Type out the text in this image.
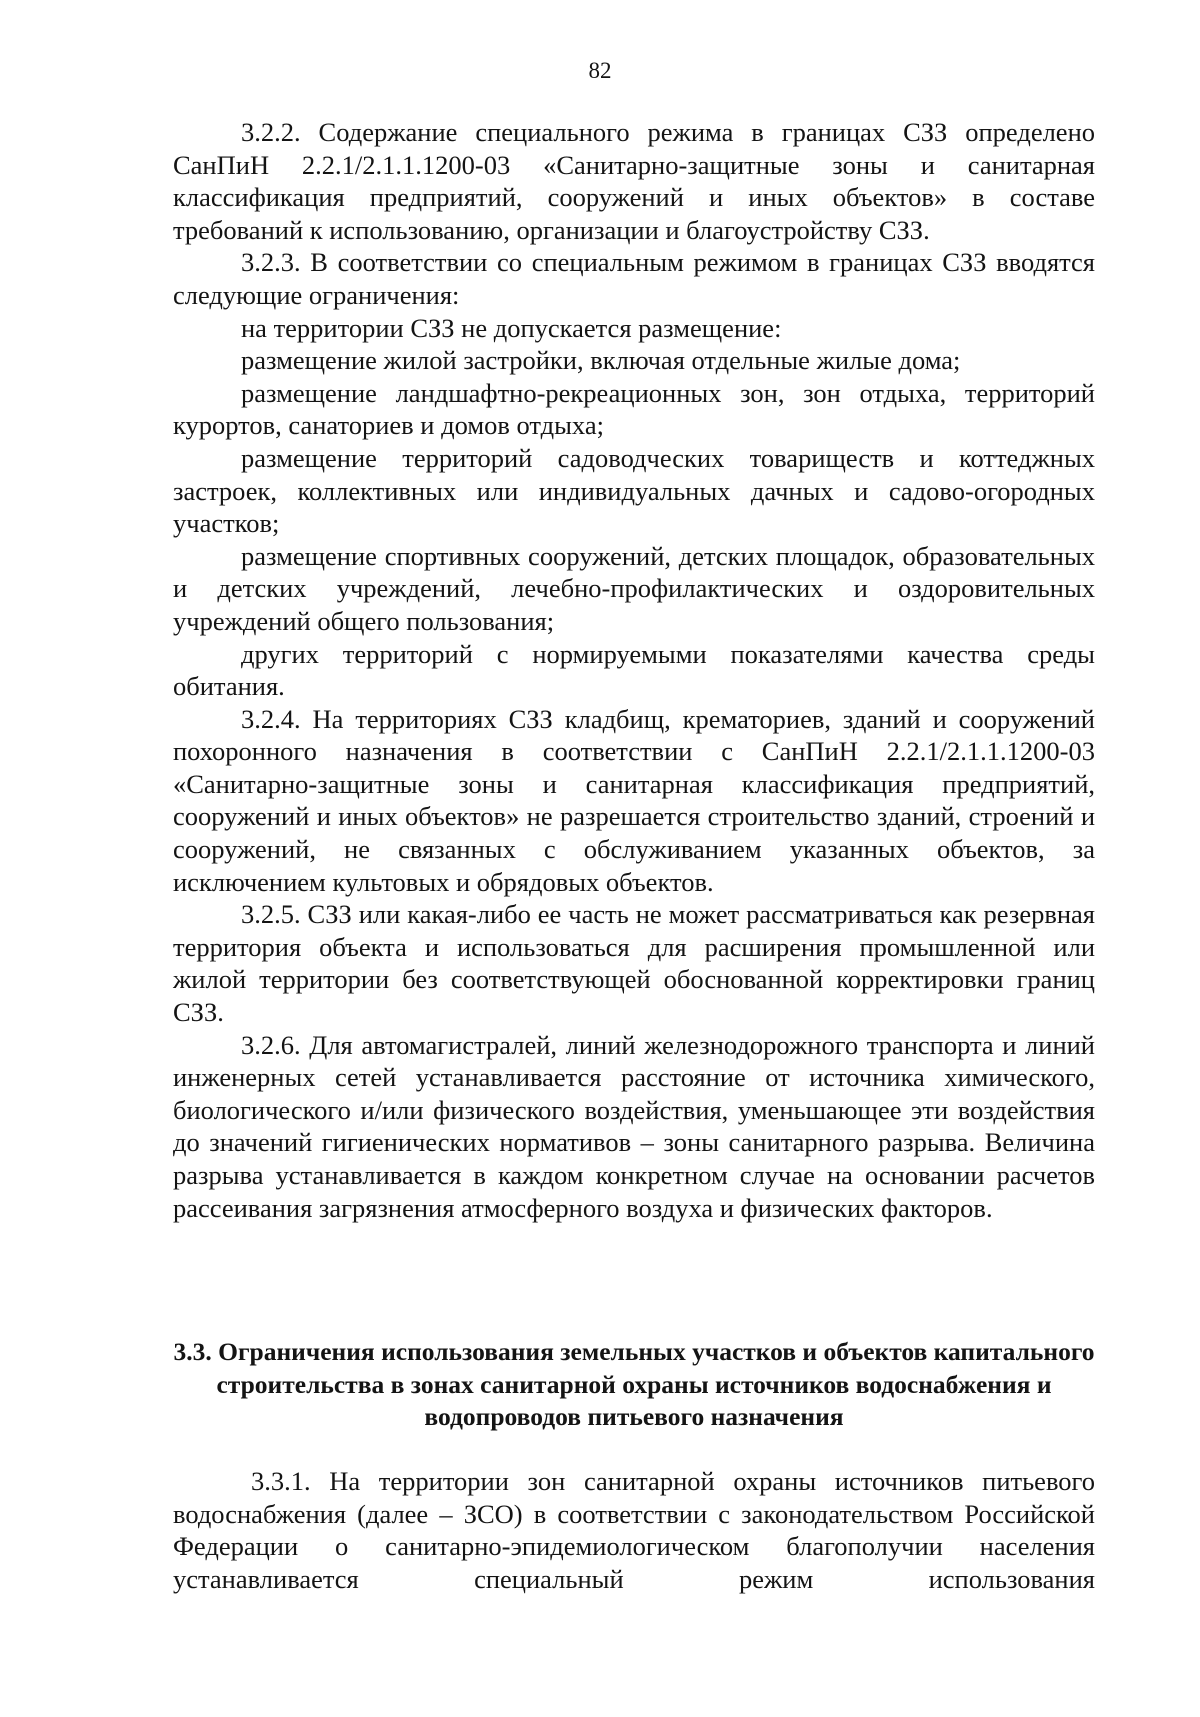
82

3.2.2. Содержание специального режима в границах СЗЗ определено СанПиН 2.2.1/2.1.1.1200-03 «Санитарно-защитные зоны и санитарная классификация предприятий, сооружений и иных объектов» в составе требований к использованию, организации и благоустройству СЗЗ.

3.2.3. В соответствии со специальным режимом в границах СЗЗ вводятся следующие ограничения:

на территории СЗЗ не допускается размещение:

размещение жилой застройки, включая отдельные жилые дома;

размещение ландшафтно-рекреационных зон, зон отдыха, территорий курортов, санаториев и домов отдыха;

размещение территорий садоводческих товариществ и коттеджных застроек, коллективных или индивидуальных дачных и садово-огородных участков;

размещение спортивных сооружений, детских площадок, образовательных и детских учреждений, лечебно-профилактических и оздоровительных учреждений общего пользования;

других территорий с нормируемыми показателями качества среды обитания.

3.2.4. На территориях СЗЗ кладбищ, крематориев, зданий и сооружений похоронного назначения в соответствии с СанПиН 2.2.1/2.1.1.1200-03 «Санитарно-защитные зоны и санитарная классификация предприятий, сооружений и иных объектов» не разрешается строительство зданий, строений и сооружений, не связанных с обслуживанием указанных объектов, за исключением культовых и обрядовых объектов.

3.2.5. СЗЗ или какая-либо ее часть не может рассматриваться как резервная территория объекта и использоваться для расширения промышленной или жилой территории без соответствующей обоснованной корректировки границ СЗЗ.

3.2.6. Для автомагистралей, линий железнодорожного транспорта и линий инженерных сетей устанавливается расстояние от источника химического, биологического и/или физического воздействия, уменьшающее эти воздействия до значений гигиенических нормативов – зоны санитарного разрыва. Величина разрыва устанавливается в каждом конкретном случае на основании расчетов рассеивания загрязнения атмосферного воздуха и физических факторов.

3.3. Ограничения использования земельных участков и объектов капитального строительства в зонах санитарной охраны источников водоснабжения и водопроводов питьевого назначения

3.3.1. На территории зон санитарной охраны источников питьевого водоснабжения (далее – ЗСО) в соответствии с законодательством Российской Федерации о санитарно-эпидемиологическом благополучии населения устанавливается специальный режим использования
